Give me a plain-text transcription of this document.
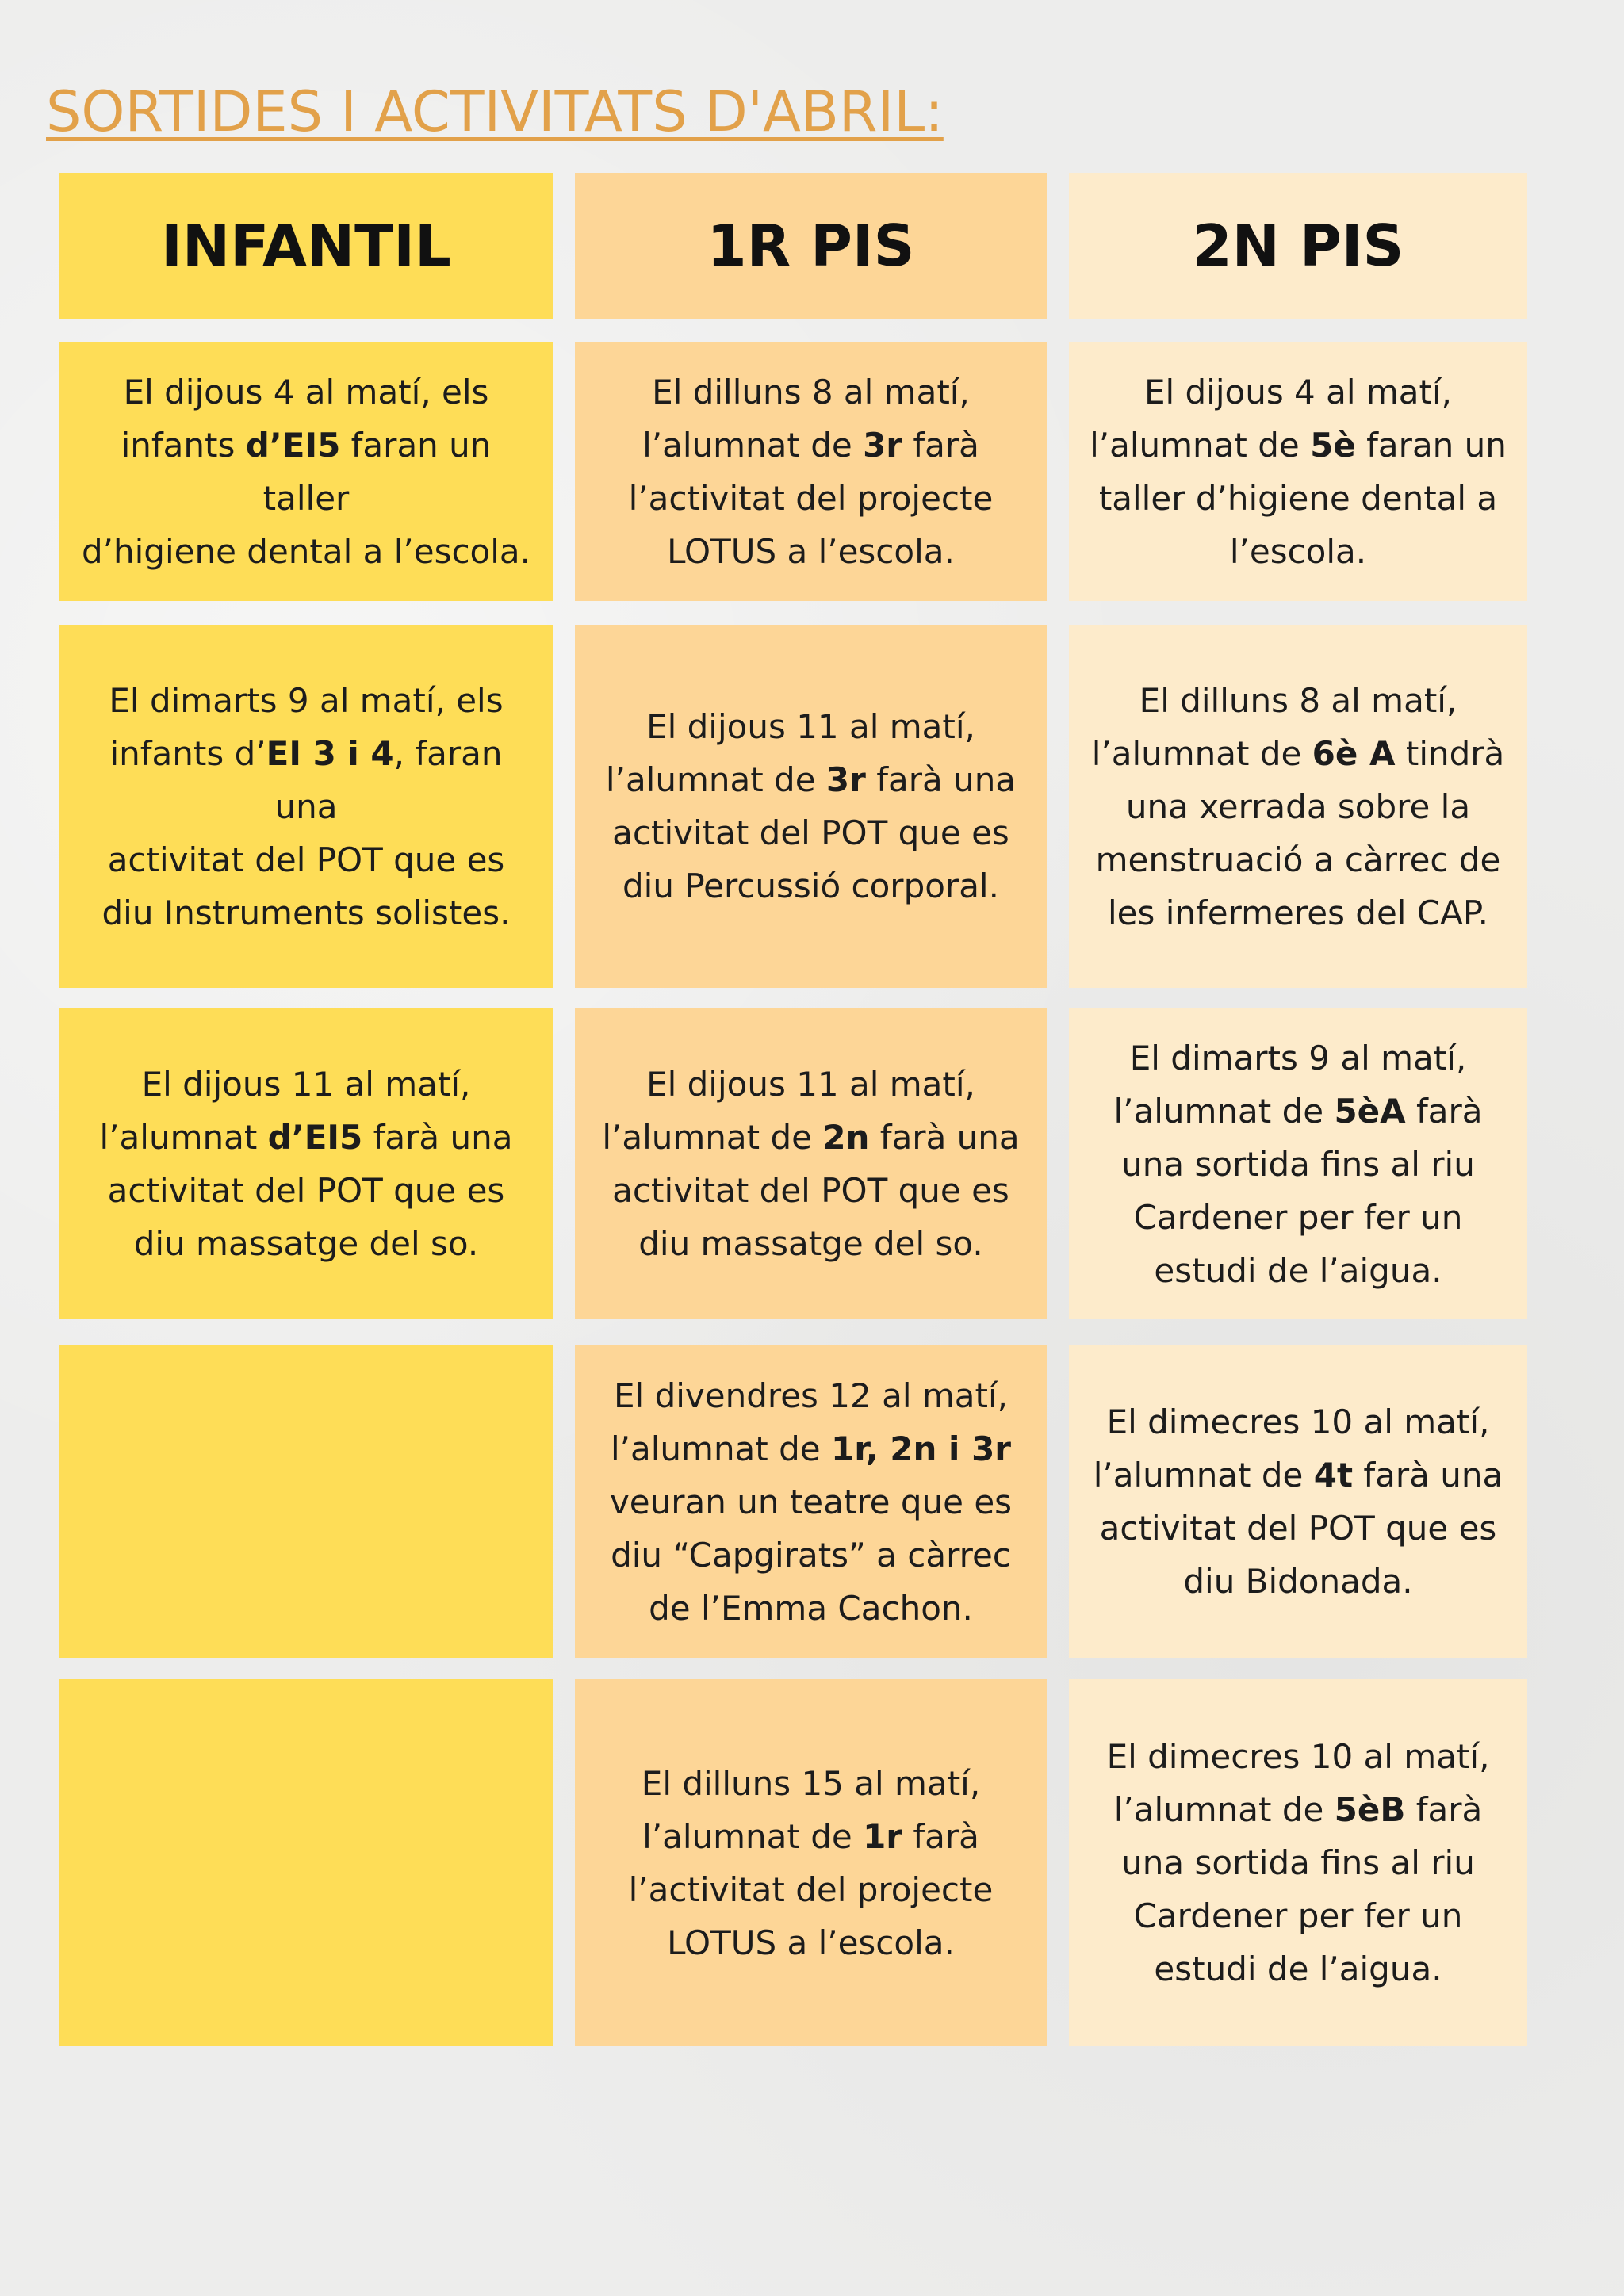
SORTIDES I ACTIVITATS D'ABRIL:
INFANTIL	1R PIS	2N PIS
El dijous 4 al matí, els
infants d’EI5 faran un taller
d’higiene dental a l’escola.
El dilluns 8 al matí,
l’alumnat de 3r farà
l’activitat del projecte
LOTUS a l’escola.
El dijous 4 al matí,
l’alumnat de 5è faran un
taller d’higiene dental a
l’escola.
El dimarts 9 al matí, els
infants d’EI 3 i 4, faran una
activitat del POT que es
diu Instruments solistes.
El dijous 11 al matí,
l’alumnat de 3r farà una
activitat del POT que es
diu Percussió corporal.
El dilluns 8 al matí,
l’alumnat de 6è A tindrà
una xerrada sobre la
menstruació a càrrec de
les infermeres del CAP.
El dijous 11 al matí,
l’alumnat d’EI5 farà una
activitat del POT que es
diu massatge del so.
El dijous 11 al matí,
l’alumnat de 2n farà una
activitat del POT que es
diu massatge del so.
El dimarts 9 al matí,
l’alumnat de 5èA farà
una sortida fins al riu
Cardener per fer un
estudi de l’aigua.
El divendres 12 al matí,
l’alumnat de 1r, 2n i 3r
veuran un teatre que es
diu “Capgirats” a càrrec
de l’Emma Cachon.
El dimecres 10 al matí,
l’alumnat de 4t farà una
activitat del POT que es
diu Bidonada.
El dilluns 15 al matí,
l’alumnat de 1r farà
l’activitat del projecte
LOTUS a l’escola.
El dimecres 10 al matí,
l’alumnat de 5èB farà
una sortida fins al riu
Cardener per fer un
estudi de l’aigua.
